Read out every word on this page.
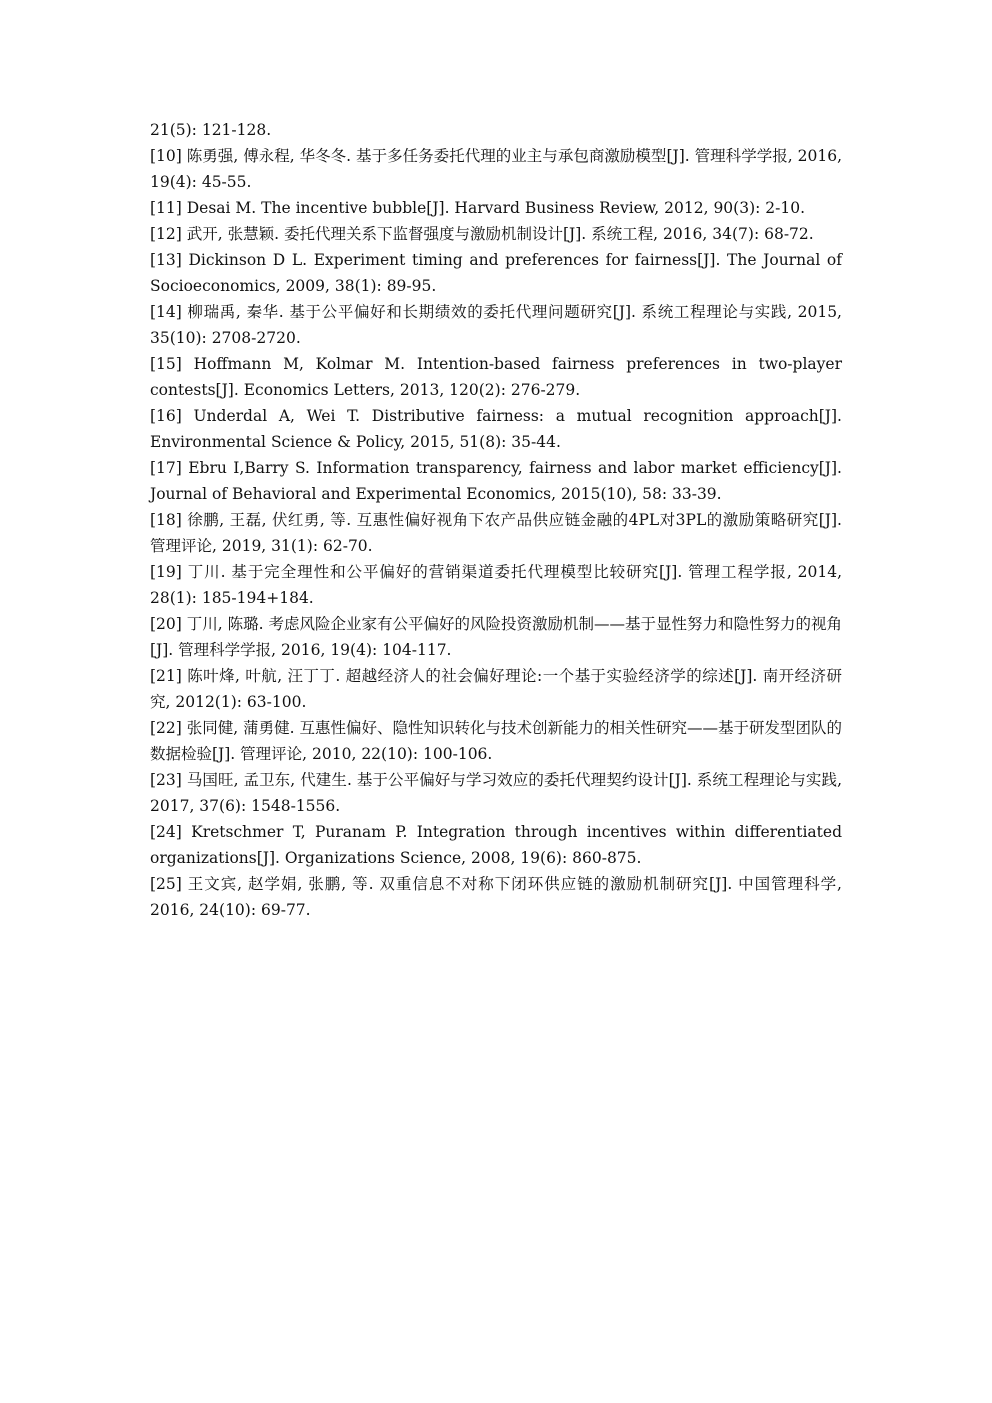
21(5): 121-128.

[10] 陈勇强, 傅永程, 华冬冬. 基于多任务委托代理的业主与承包商激励模型[J]. 管理科学学报, 2016, 19(4): 45-55.

[11] Desai M. The incentive bubble[J]. Harvard Business Review, 2012, 90(3): 2-10.

[12] 武开, 张慧颖. 委托代理关系下监督强度与激励机制设计[J]. 系统工程, 2016, 34(7): 68-72.

[13] Dickinson D L. Experiment timing and preferences for fairness[J]. The Journal of Socioeconomics, 2009, 38(1): 89-95.

[14] 柳瑞禹, 秦华. 基于公平偏好和长期绩效的委托代理问题研究[J]. 系统工程理论与实践, 2015, 35(10): 2708-2720.

[15] Hoffmann M, Kolmar M. Intention-based fairness preferences in two-player contests[J]. Economics Letters, 2013, 120(2): 276-279.

[16] Underdal A, Wei T. Distributive fairness: a mutual recognition approach[J]. Environmental Science & Policy, 2015, 51(8): 35-44.

[17] Ebru I,Barry S. Information transparency, fairness and labor market efficiency[J]. Journal of Behavioral and Experimental Economics, 2015(10), 58: 33-39.

[18] 徐鹏, 王磊, 伏红勇, 等. 互惠性偏好视角下农产品供应链金融的4PL对3PL的激励策略研究[J]. 管理评论, 2019, 31(1): 62-70.

[19] 丁川. 基于完全理性和公平偏好的营销渠道委托代理模型比较研究[J]. 管理工程学报, 2014, 28(1): 185-194+184.

[20] 丁川, 陈璐. 考虑风险企业家有公平偏好的风险投资激励机制——基于显性努力和隐性努力的视角[J]. 管理科学学报, 2016, 19(4): 104-117.

[21] 陈叶烽, 叶航, 汪丁丁. 超越经济人的社会偏好理论:一个基于实验经济学的综述[J]. 南开经济研究, 2012(1): 63-100.

[22] 张同健, 蒲勇健. 互惠性偏好、隐性知识转化与技术创新能力的相关性研究——基于研发型团队的数据检验[J]. 管理评论, 2010, 22(10): 100-106.

[23] 马国旺, 孟卫东, 代建生. 基于公平偏好与学习效应的委托代理契约设计[J]. 系统工程理论与实践, 2017, 37(6): 1548-1556.

[24] Kretschmer T, Puranam P. Integration through incentives within differentiated organizations[J]. Organizations Science, 2008, 19(6): 860-875.

[25] 王文宾, 赵学娟, 张鹏, 等. 双重信息不对称下闭环供应链的激励机制研究[J]. 中国管理科学, 2016, 24(10): 69-77.
